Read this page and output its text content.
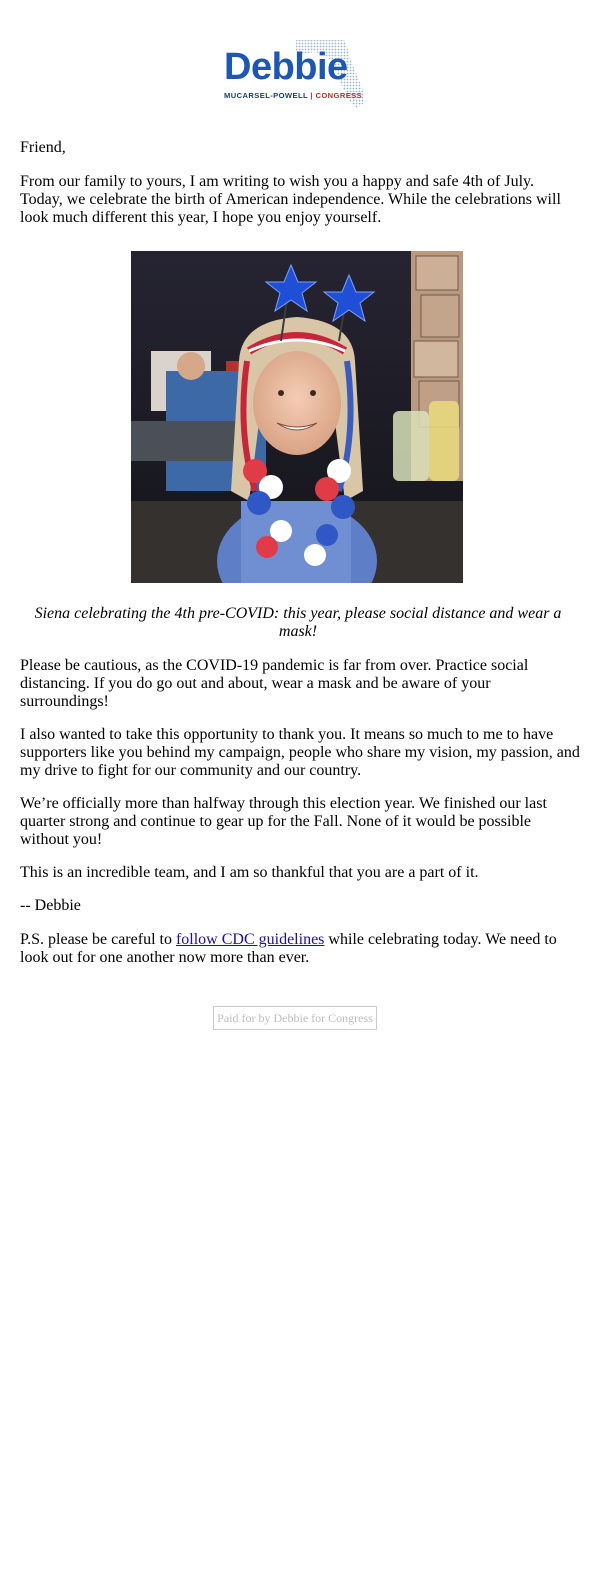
Debbie
MUCARSEL-POWELL | CONGRESS

Friend,

From our family to yours, I am writing to wish you a happy and safe 4th of July. Today, we celebrate the birth of American independence. While the celebrations will look much different this year, I hope you enjoy yourself.

Siena celebrating the 4th pre-COVID: this year, please social distance and wear a mask!

Please be cautious, as the COVID-19 pandemic is far from over. Practice social distancing. If you do go out and about, wear a mask and be aware of your surroundings!

I also wanted to take this opportunity to thank you. It means so much to me to have supporters like you behind my campaign, people who share my vision, my passion, and my drive to fight for our community and our country.

We’re officially more than halfway through this election year. We finished our last quarter strong and continue to gear up for the Fall. None of it would be possible without you!

This is an incredible team, and I am so thankful that you are a part of it.

-- Debbie

P.S. please be careful to follow CDC guidelines while celebrating today. We need to look out for one another now more than ever.

Paid for by Debbie for Congress
